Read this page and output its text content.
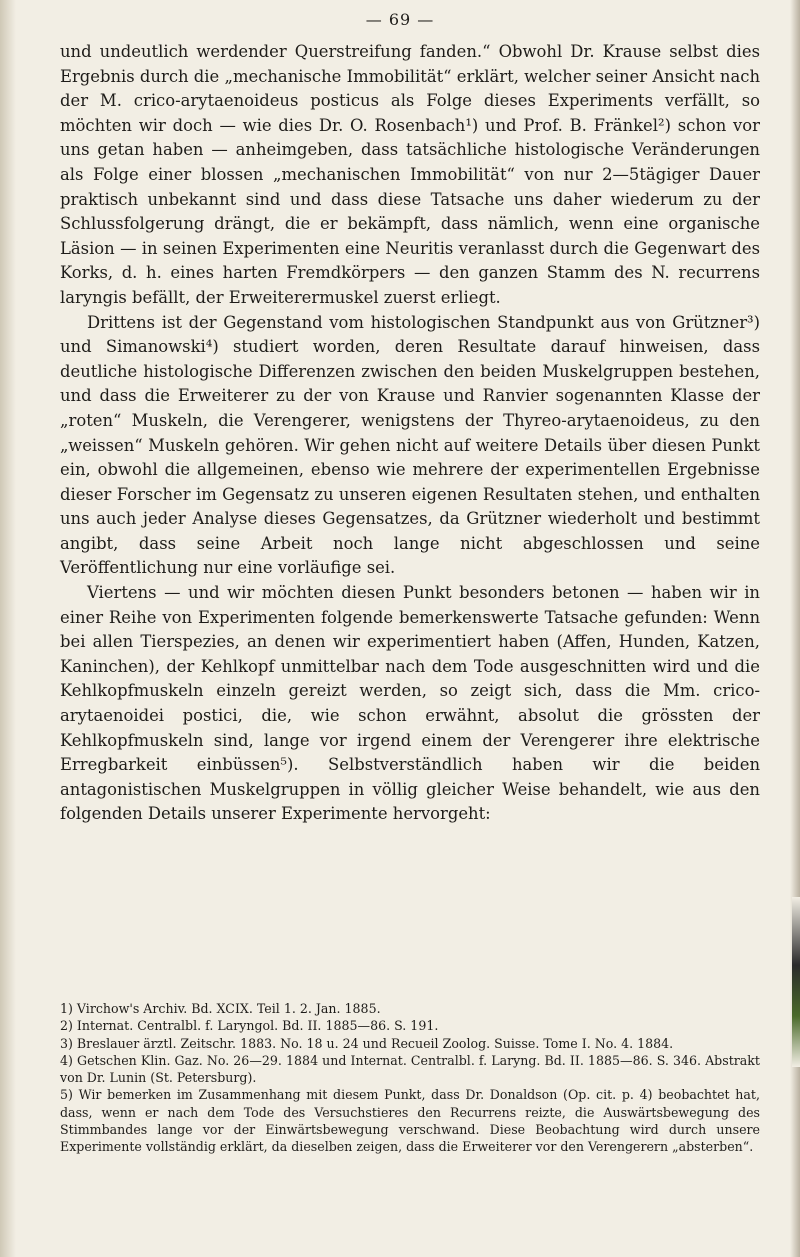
— 69 —

und undeutlich werdender Querstreifung fanden.“ Obwohl Dr. Krause selbst dies Ergebnis durch die „mechanische Immobilität“ erklärt, welcher seiner Ansicht nach der M. crico-arytaenoideus posticus als Folge dieses Experiments verfällt, so möchten wir doch — wie dies Dr. O. Rosenbach¹) und Prof. B. Fränkel²) schon vor uns getan haben — anheimgeben, dass tatsächliche histologische Veränderungen als Folge einer blossen „mechanischen Immobilität“ von nur 2—5tägiger Dauer praktisch unbekannt sind und dass diese Tatsache uns daher wiederum zu der Schlussfolgerung drängt, die er bekämpft, dass nämlich, wenn eine organische Läsion — in seinen Experimenten eine Neuritis veranlasst durch die Gegenwart des Korks, d. h. eines harten Fremdkörpers — den ganzen Stamm des N. recurrens laryngis befällt, der Erweiterermuskel zuerst erliegt.

Drittens ist der Gegenstand vom histologischen Standpunkt aus von Grützner³) und Simanowski⁴) studiert worden, deren Resultate darauf hinweisen, dass deutliche histologische Differenzen zwischen den beiden Muskelgruppen bestehen, und dass die Erweiterer zu der von Krause und Ranvier sogenannten Klasse der „roten“ Muskeln, die Verengerer, wenigstens der Thyreo-arytaenoideus, zu den „weissen“ Muskeln gehören. Wir gehen nicht auf weitere Details über diesen Punkt ein, obwohl die allgemeinen, ebenso wie mehrere der experimentellen Ergebnisse dieser Forscher im Gegensatz zu unseren eigenen Resultaten stehen, und enthalten uns auch jeder Analyse dieses Gegensatzes, da Grützner wiederholt und bestimmt angibt, dass seine Arbeit noch lange nicht abgeschlossen und seine Veröffentlichung nur eine vorläufige sei.

Viertens — und wir möchten diesen Punkt besonders betonen — haben wir in einer Reihe von Experimenten folgende bemerkenswerte Tatsache gefunden: Wenn bei allen Tierspezies, an denen wir experimentiert haben (Affen, Hunden, Katzen, Kaninchen), der Kehlkopf unmittelbar nach dem Tode ausgeschnitten wird und die Kehlkopfmuskeln einzeln gereizt werden, so zeigt sich, dass die Mm. crico-arytaenoidei postici, die, wie schon erwähnt, absolut die grössten der Kehlkopfmuskeln sind, lange vor irgend einem der Verengerer ihre elektrische Erregbarkeit einbüssen⁵). Selbstverständlich haben wir die beiden antagonistischen Muskelgruppen in völlig gleicher Weise behandelt, wie aus den folgenden Details unserer Experimente hervorgeht:

1) Virchow's Archiv. Bd. XCIX. Teil 1. 2. Jan. 1885.

2) Internat. Centralbl. f. Laryngol. Bd. II. 1885—86. S. 191.

3) Breslauer ärztl. Zeitschr. 1883. No. 18 u. 24 und Recueil Zoolog. Suisse. Tome I. No. 4. 1884.

4) Getschen Klin. Gaz. No. 26—29. 1884 und Internat. Centralbl. f. Laryng. Bd. II. 1885—86. S. 346. Abstrakt von Dr. Lunin (St. Petersburg).

5) Wir bemerken im Zusammenhang mit diesem Punkt, dass Dr. Donaldson (Op. cit. p. 4) beobachtet hat, dass, wenn er nach dem Tode des Versuchstieres den Recurrens reizte, die Auswärtsbewegung des Stimmbandes lange vor der Einwärtsbewegung verschwand. Diese Beobachtung wird durch unsere Experimente vollständig erklärt, da dieselben zeigen, dass die Erweiterer vor den Verengerern „absterben“.
